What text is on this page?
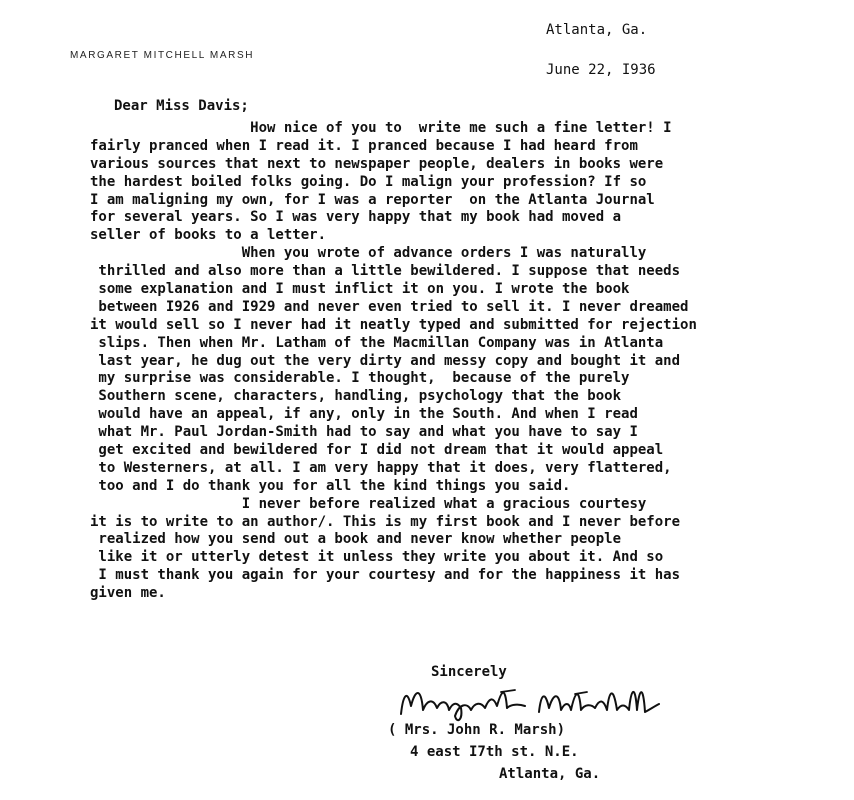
MARGARET MITCHELL MARSH
Atlanta, Ga.
June 22, I936
Dear Miss Davis;
How nice of you to  write me such a fine letter! I
fairly pranced when I read it. I pranced because I had heard from
various sources that next to newspaper people, dealers in books were
the hardest boiled folks going. Do I malign your profession? If so
I am maligning my own, for I was a reporter  on the Atlanta Journal
for several years. So I was very happy that my book had moved a
seller of books to a letter.
When you wrote of advance orders I was naturally
thrilled and also more than a little bewildered. I suppose that needs
some explanation and I must inflict it on you. I wrote the book
between I926 and I929 and never even tried to sell it. I never dreamed
it would sell so I never had it neatly typed and submitted for rejection
slips. Then when Mr. Latham of the Macmillan Company was in Atlanta
last year, he dug out the very dirty and messy copy and bought it and
my surprise was considerable. I thought,  because of the purely
Southern scene, characters, handling, psychology that the book
would have an appeal, if any, only in the South. And when I read
what Mr. Paul Jordan-Smith had to say and what you have to say I
get excited and bewildered for I did not dream that it would appeal
to Westerners, at all. I am very happy that it does, very flattered,
too and I do thank you for all the kind things you said.
I never before realized what a gracious courtesy
it is to write to an author/. This is my first book and I never before
realized how you send out a book and never know whether people
like it or utterly detest it unless they write you about it. And so
I must thank you again for your courtesy and for the happiness it has
given me.
Sincerely
( Mrs. John R. Marsh)
4 east I7th st. N.E.
Atlanta, Ga.
